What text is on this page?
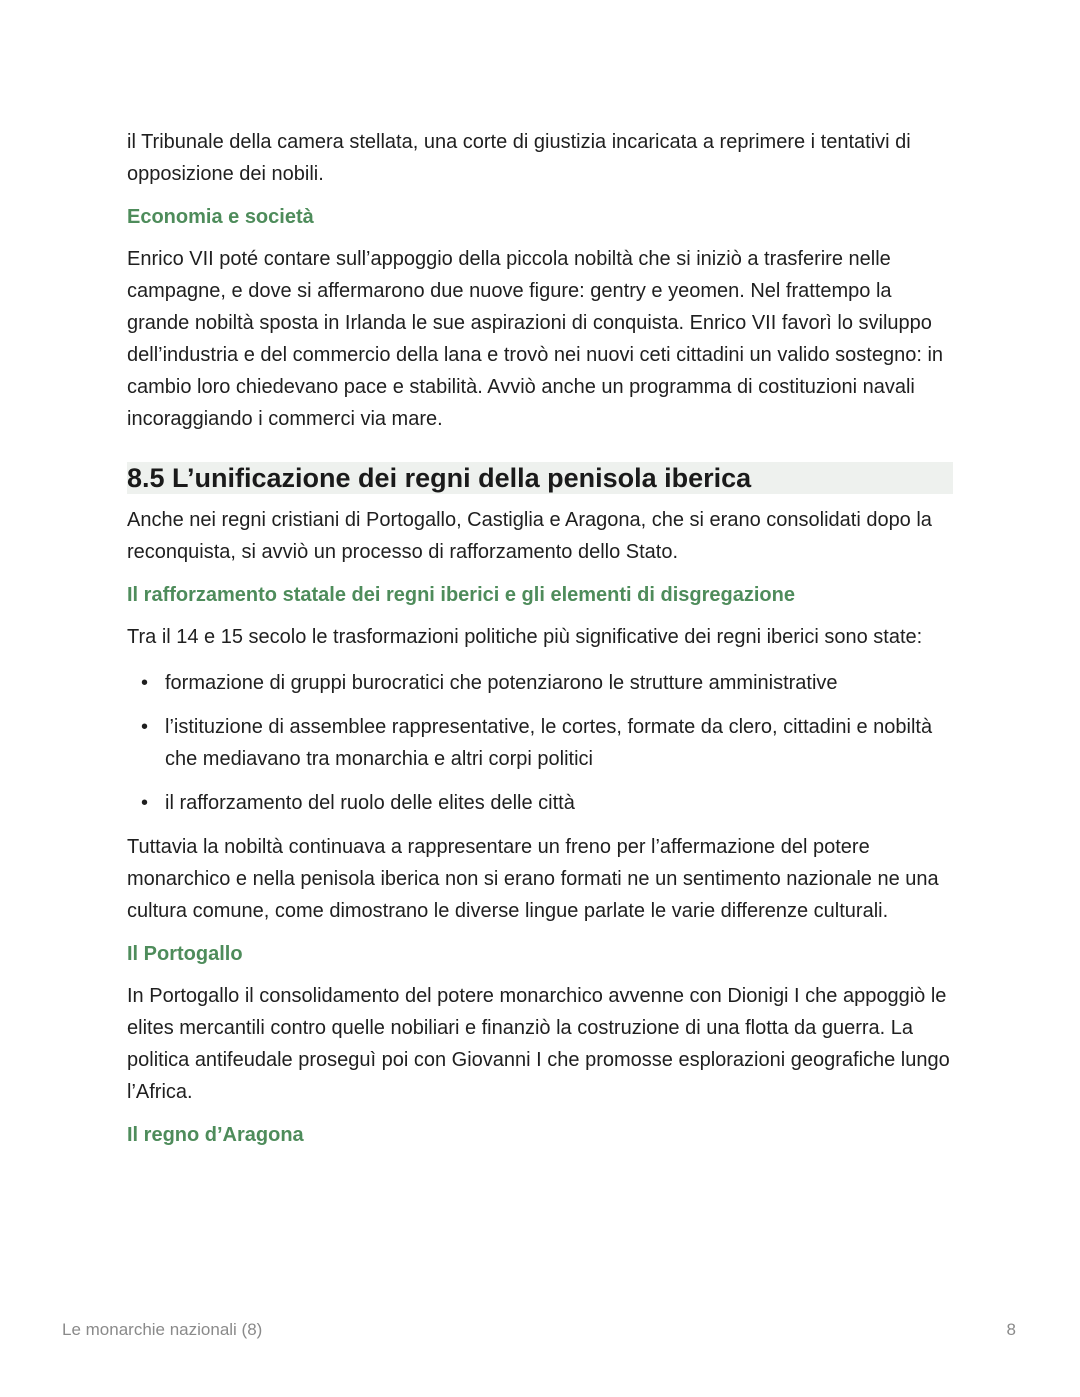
il Tribunale della camera stellata, una corte di giustizia incaricata a reprimere i tentativi di opposizione dei nobili.

Economia e società

Enrico VII poté contare sull’appoggio della piccola nobiltà che si iniziò a trasferire nelle campagne, e dove si affermarono due nuove figure: gentry e yeomen. Nel frattempo la grande nobiltà sposta in Irlanda le sue aspirazioni di conquista. Enrico VII favorì lo sviluppo dell’industria e del commercio della lana e trovò nei nuovi ceti cittadini un valido sostegno: in cambio loro chiedevano pace e stabilità. Avviò anche un programma di costituzioni navali incoraggiando i commerci via mare.

8.5 L’unificazione dei regni della penisola iberica

Anche nei regni cristiani di Portogallo, Castiglia e Aragona, che si erano consolidati dopo la reconquista, si avviò un processo di rafforzamento dello Stato.

Il rafforzamento statale dei regni iberici e gli elementi di disgregazione

Tra il 14 e 15 secolo le trasformazioni politiche più significative dei regni iberici sono state:

• formazione di gruppi burocratici che potenziarono le strutture amministrative
• l’istituzione di assemblee rappresentative, le cortes, formate da clero, cittadini e nobiltà che mediavano tra monarchia e altri corpi politici
• il rafforzamento del ruolo delle elites delle città

Tuttavia la nobiltà continuava a rappresentare un freno per l’affermazione del potere monarchico e nella penisola iberica non si erano formati ne un sentimento nazionale ne una cultura comune, come dimostrano le diverse lingue parlate le varie differenze culturali.

Il Portogallo

In Portogallo il consolidamento del potere monarchico avvenne con Dionigi I che appoggiò le elites mercantili contro quelle nobiliari e finanziò la costruzione di una flotta da guerra. La politica antifeudale proseguì poi con Giovanni I che promosse esplorazioni geografiche lungo l’Africa.

Il regno d’Aragona
Le monarchie nazionali (8)	8
